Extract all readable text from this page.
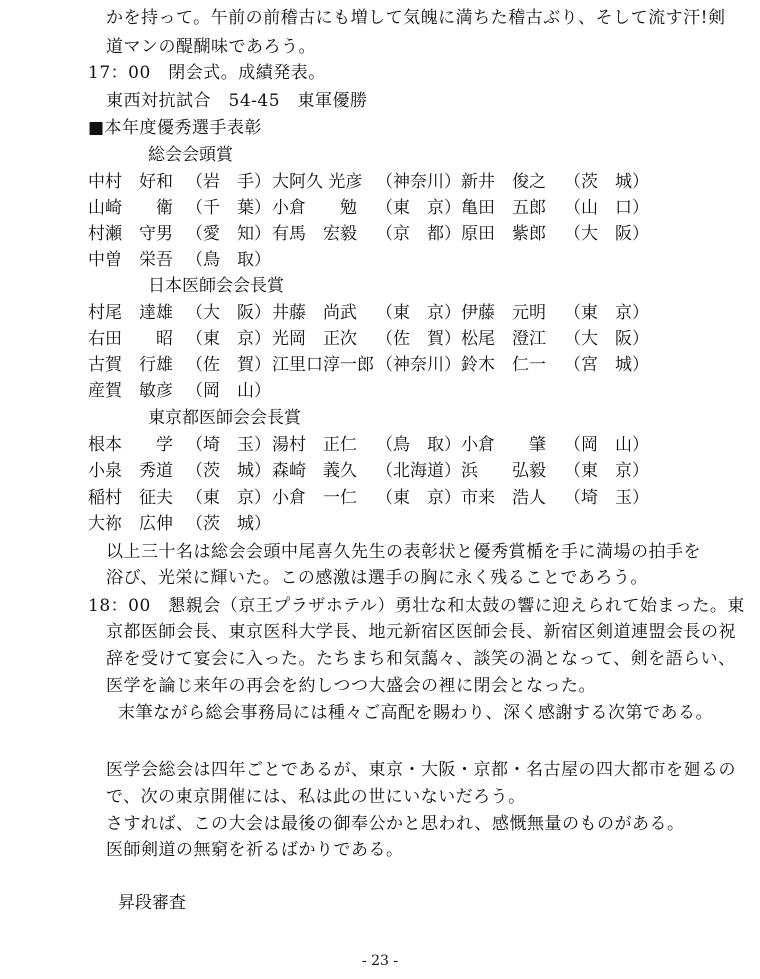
かを持って。午前の前稽古にも増して気魄に満ちた稽古ぶり、そして流す汗!剣
道マンの醍醐味であろう。
17：00　閉会式。成績発表。
東西対抗試合　54-45　東軍優勝
■本年度優秀選手表彰
総会会頭賞
中村　好和 （岩　手） 大阿久 光彦 （神奈川） 新井　俊之 （茨　城）
山崎　　衛 （千　葉） 小倉　　勉 （東　京） 亀田　五郎 （山　口）
村瀬　守男 （愛　知） 有馬　宏毅 （京　都） 原田　紫郎 （大　阪）
中曽　栄吾 （鳥　取）
日本医師会会長賞
村尾　達雄 （大　阪） 井藤　尚武 （東　京） 伊藤　元明 （東　京）
右田　　昭 （東　京） 光岡　正次 （佐　賀） 松尾　澄江 （大　阪）
古賀　行雄 （佐　賀） 江里口淳一郎 （神奈川） 鈴木　仁一 （宮　城）
産賀　敏彦 （岡　山）
東京都医師会会長賞
根本　　学 （埼　玉） 湯村　正仁 （鳥　取） 小倉　　肇 （岡　山）
小泉　秀道 （茨　城） 森崎　義久 （北海道） 浜　　弘毅 （東　京）
稲村　征夫 （東　京） 小倉　一仁 （東　京） 市来　浩人 （埼　玉）
大祢　広伸 （茨　城）
以上三十名は総会会頭中尾喜久先生の表彰状と優秀賞楯を手に満場の拍手を
浴び、光栄に輝いた。この感激は選手の胸に永く残ることであろう。
18：00　懇親会（京王プラザホテル）勇壮な和太鼓の響に迎えられて始まった。東
京都医師会長、東京医科大学長、地元新宿区医師会長、新宿区剣道連盟会長の祝
辞を受けて宴会に入った。たちまち和気藹々、談笑の渦となって、剣を語らい、
医学を論じ来年の再会を約しつつ大盛会の裡に閉会となった。
末筆ながら総会事務局には種々ご高配を賜わり、深く感謝する次第である。
医学会総会は四年ごとであるが、東京・大阪・京都・名古屋の四大都市を廻るの
で、次の東京開催には、私は此の世にいないだろう。
さすれば、この大会は最後の御奉公かと思われ、感慨無量のものがある。
医師剣道の無窮を祈るばかりである。
昇段審査
- 23 -
